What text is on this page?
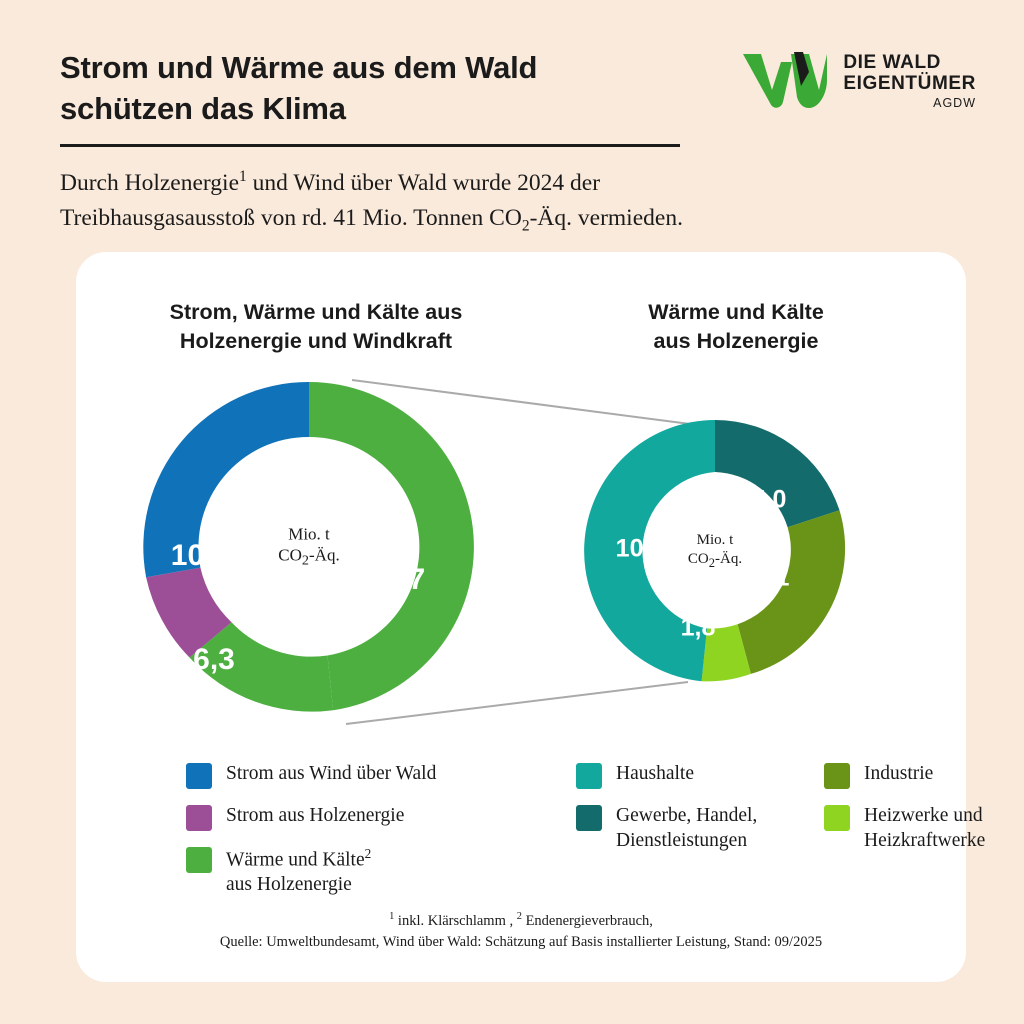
Strom und Wärme aus dem Wald
schützen das Klima
Durch Holzenergie$^1$ und Wind über Wald wurde 2024 der
Treibhausgasausstoß von rd. 41 Mio. Tonnen $CO_2-Äq$. vermieden.
DIE WALD
EIGENTÜMER
AGDW
Strom, Wärme und Kälte aus
Holzenergie und Windkraft
Wärme und Kälte
aus Holzenergie
Mio. t
$CO_2-Äq$.
10,0
6,3
24,7
Mio. t
$CO_2-Äq$.
5,0
7,1
1,8
10,8
Strom aus Wind über Wald
Strom aus Holzenergie
Wärme und Kälte$^2$
aus Holzenergie
Haushalte
Gewerbe, Handel,
Dienstleistungen
Industrie
Heizwerke und
Heizkraftwerke
$^1$ inkl. Klärschlamm , $^2$ Endenergieverbrauch,
Quelle: Umweltbundesamt, Wind über Wald: Schätzung auf Basis installierter Leistung, Stand: 09/2025
